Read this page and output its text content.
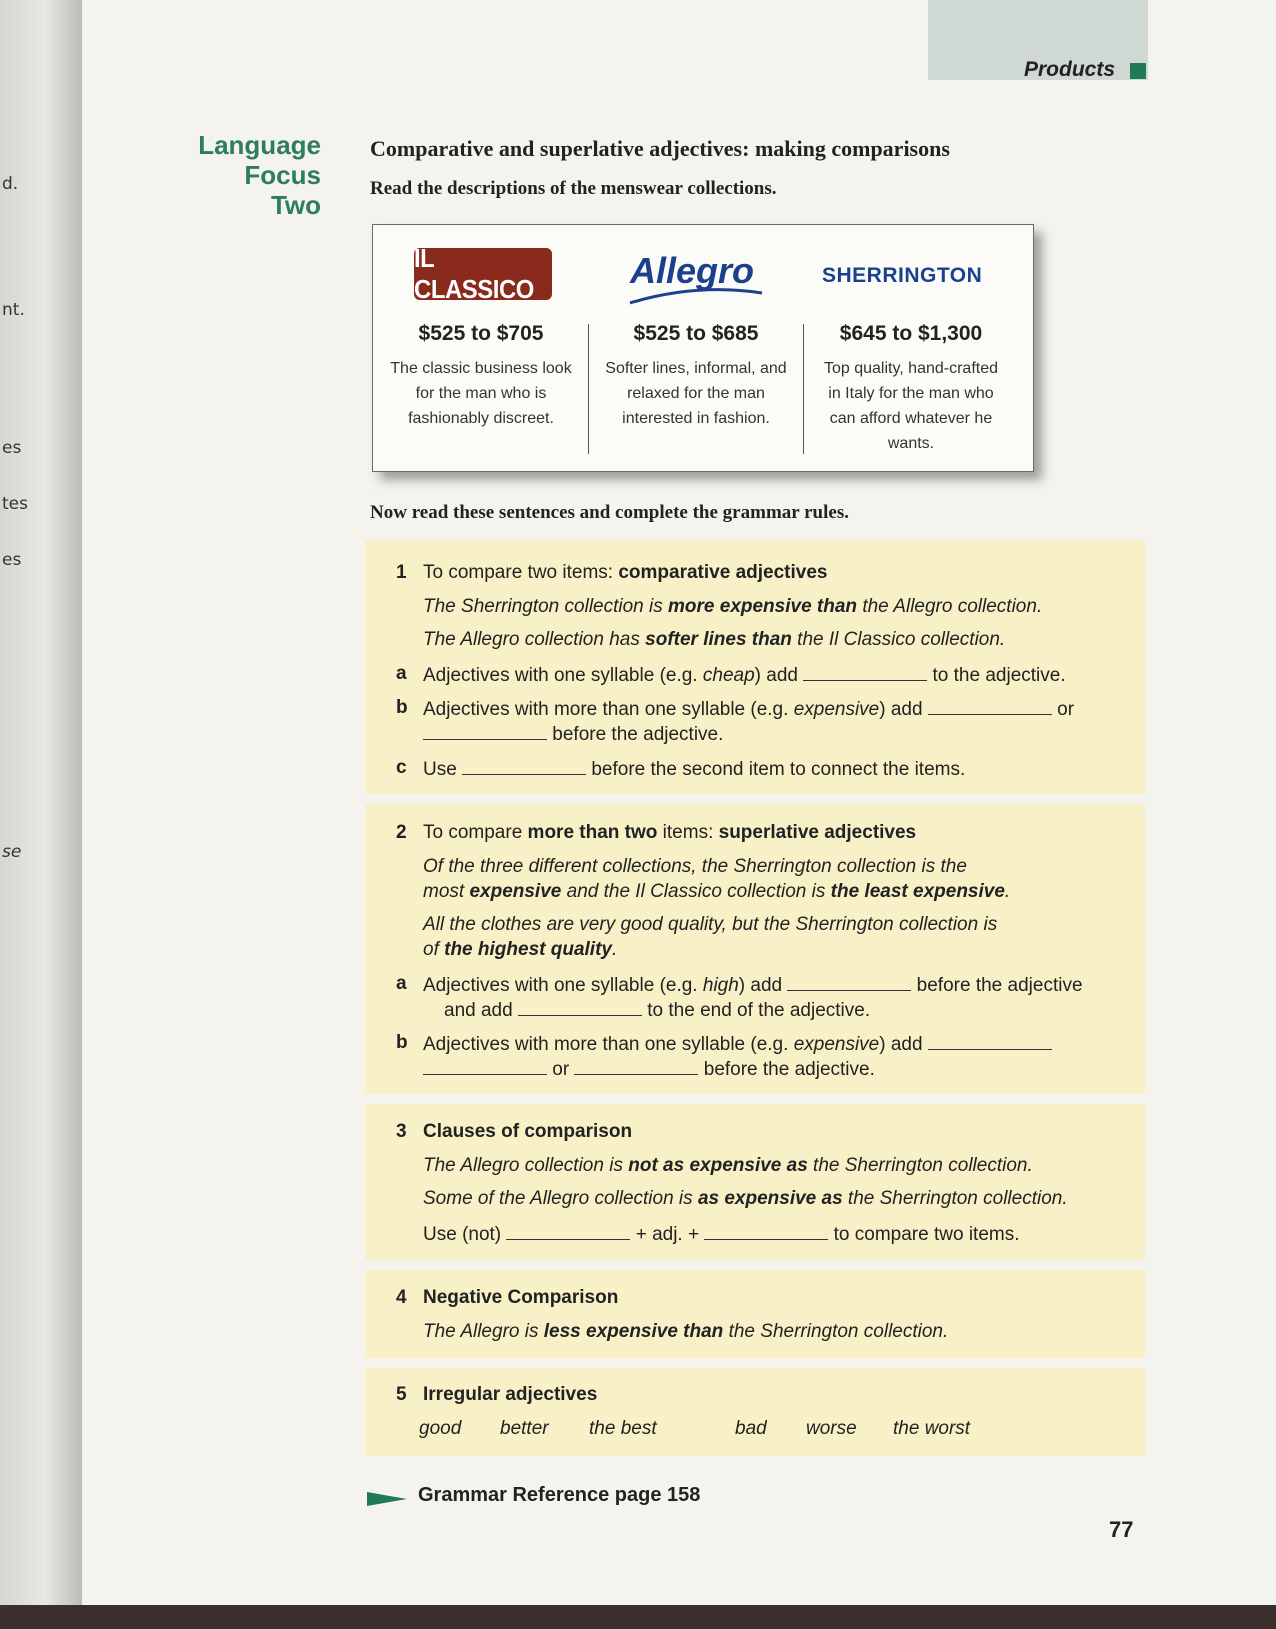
d.
nt.
es
tes
es
se
Products
Language Focus
Two
Comparative and superlative adjectives: making comparisons
Read the descriptions of the menswear collections.
IL CLASSICO	Allegro	SHERRINGTON
$525 to $705
The classic business look for the man who is fashionably discreet.
$525 to $685
Softer lines, informal, and relaxed for the man interested in fashion.
$645 to $1,300
Top quality, hand-crafted in Italy for the man who can afford whatever he wants.
Now read these sentences and complete the grammar rules.
1 To compare two items: comparative adjectives
The Sherrington collection is more expensive than the Allegro collection.
The Allegro collection has softer lines than the Il Classico collection.
a Adjectives with one syllable (e.g. cheap) add	to the adjective.
b Adjectives with more than one syllable (e.g. expensive) add	or
before the adjective.
c Use	before the second item to connect the items.
2 To compare more than two items: superlative adjectives
Of the three different collections, the Sherrington collection is the
most expensive and the Il Classico collection is the least expensive.
All the clothes are very good quality, but the Sherrington collection is
of the highest quality.
a Adjectives with one syllable (e.g. high) add	before the adjective
and add	to the end of the adjective.
b Adjectives with more than one syllable (e.g. expensive) add
or	before the adjective.
3 Clauses of comparison
The Allegro collection is not as expensive as the Sherrington collection.
Some of the Allegro collection is as expensive as the Sherrington collection.
Use (not)	+ adj. +	to compare two items.
4 Negative Comparison
The Allegro is less expensive than the Sherrington collection.
5 Irregular adjectives
good better the best	bad worse the worst
Grammar Reference page 158
77
